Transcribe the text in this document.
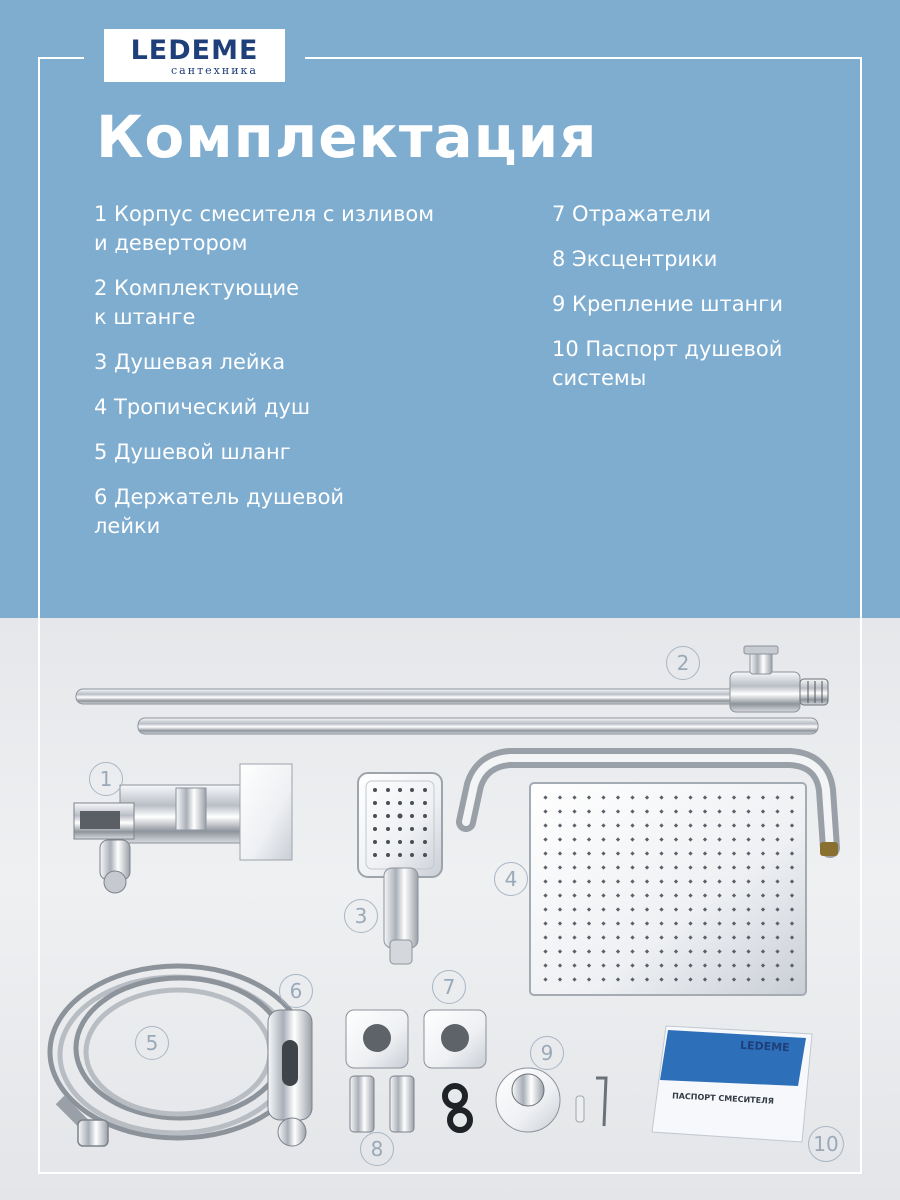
LEDEME
сантехника
Комплектация
1 Корпус смесителя с изливом
и девертором
2 Комплектующие
к штанге
3 Душевая лейка
4 Тропический душ
5 Душевой шланг
6 Держатель душевой
лейки
7 Отражатели
8 Эксцентрики
9 Крепление штанги
10 Паспорт душевой
системы
LEDEME
ПАСПОРТ СМЕСИТЕЛЯ
1
2
3
4
5
6	7
8
9
10
